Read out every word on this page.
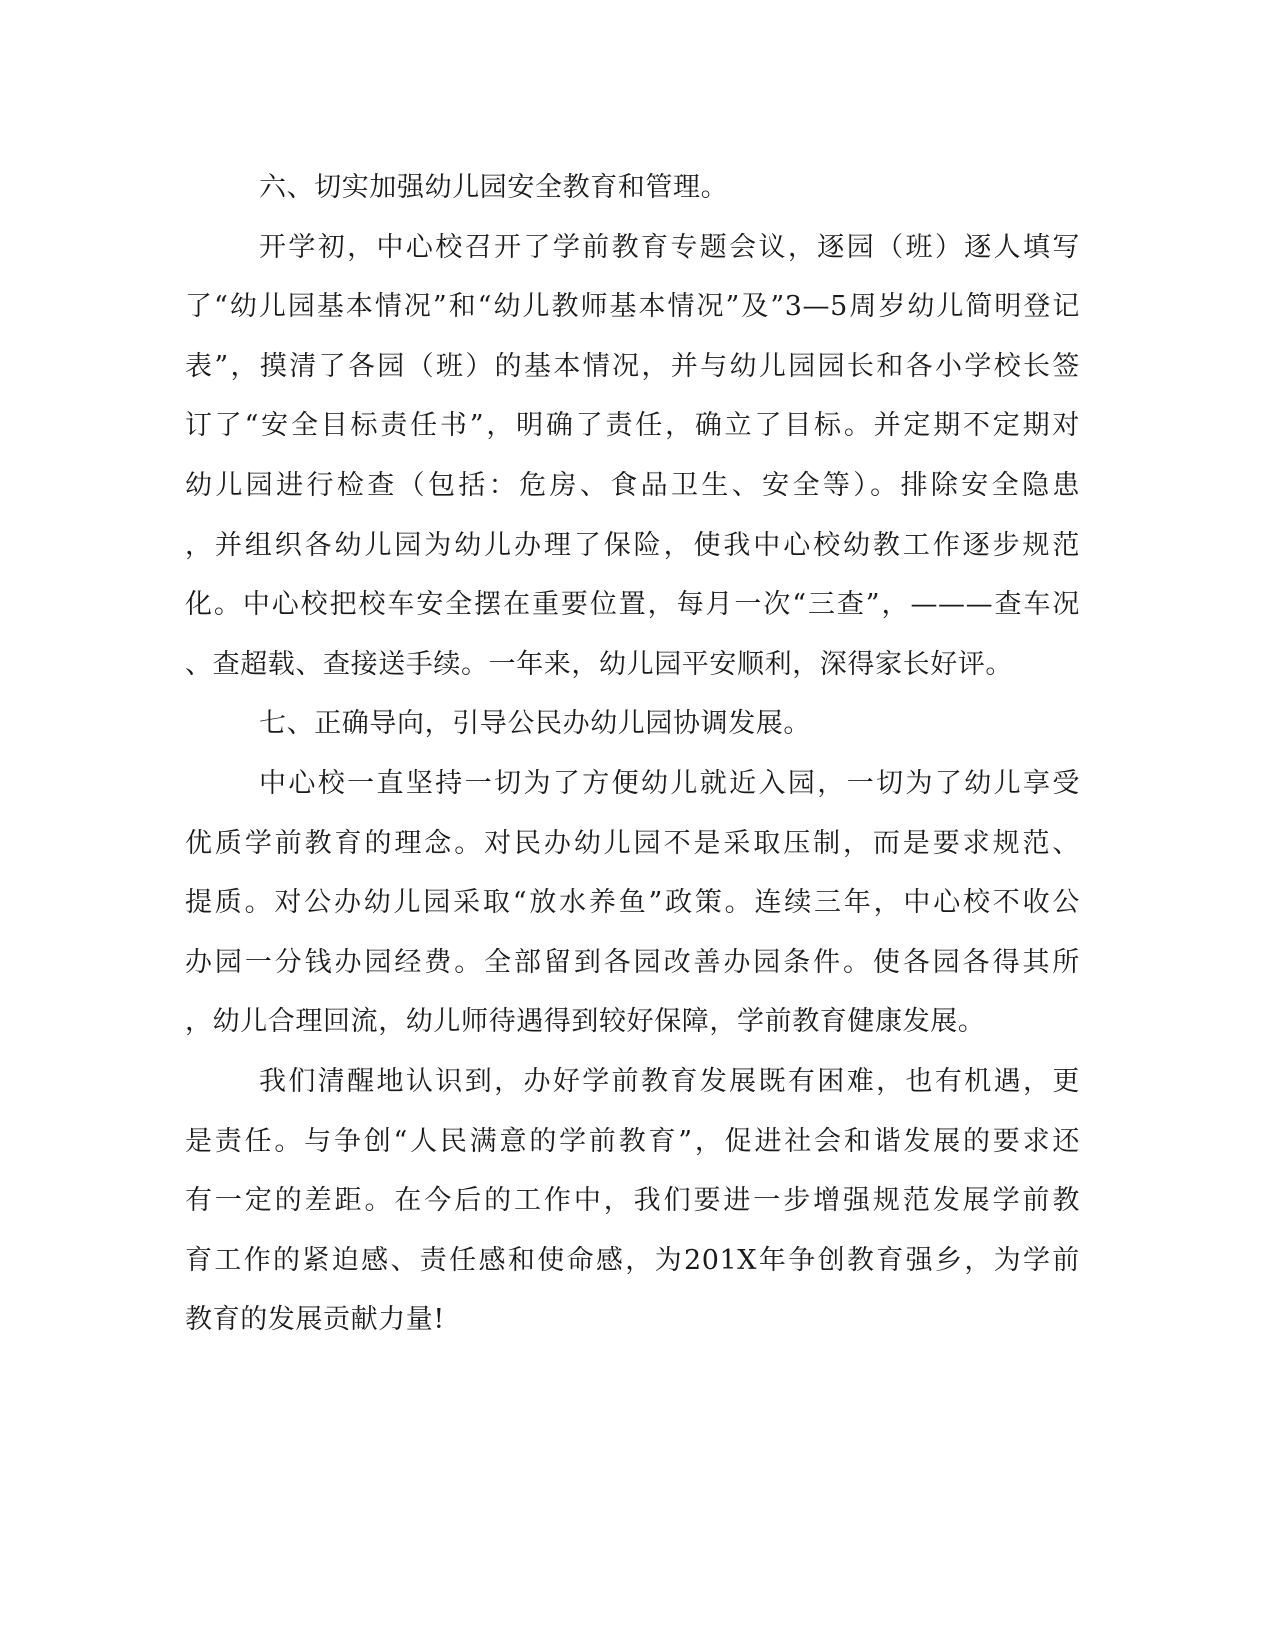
六、切实加强幼儿园安全教育和管理。

开学初，中心校召开了学前教育专题会议，逐园（班）逐人填写
了“幼儿园基本情况”和“幼儿教师基本情况”及”3—5周岁幼儿简明登记
表”，摸清了各园（班）的基本情况，并与幼儿园园长和各小学校长签
订了“安全目标责任书”，明确了责任，确立了目标。并定期不定期对
幼儿园进行检查（包括：危房、食品卫生、安全等）。排除安全隐患
，并组织各幼儿园为幼儿办理了保险，使我中心校幼教工作逐步规范
化。中心校把校车安全摆在重要位置，每月一次“三查”，———查车况
、查超载、查接送手续。一年来，幼儿园平安顺利，深得家长好评。

七、正确导向，引导公民办幼儿园协调发展。

中心校一直坚持一切为了方便幼儿就近入园，一切为了幼儿享受
优质学前教育的理念。对民办幼儿园不是采取压制，而是要求规范、
提质。对公办幼儿园采取“放水养鱼”政策。连续三年，中心校不收公
办园一分钱办园经费。全部留到各园改善办园条件。使各园各得其所
，幼儿合理回流，幼儿师待遇得到较好保障，学前教育健康发展。

我们清醒地认识到，办好学前教育发展既有困难，也有机遇，更
是责任。与争创“人民满意的学前教育”，促进社会和谐发展的要求还
有一定的差距。在今后的工作中，我们要进一步增强规范发展学前教
育工作的紧迫感、责任感和使命感，为201X年争创教育强乡，为学前
教育的发展贡献力量!
